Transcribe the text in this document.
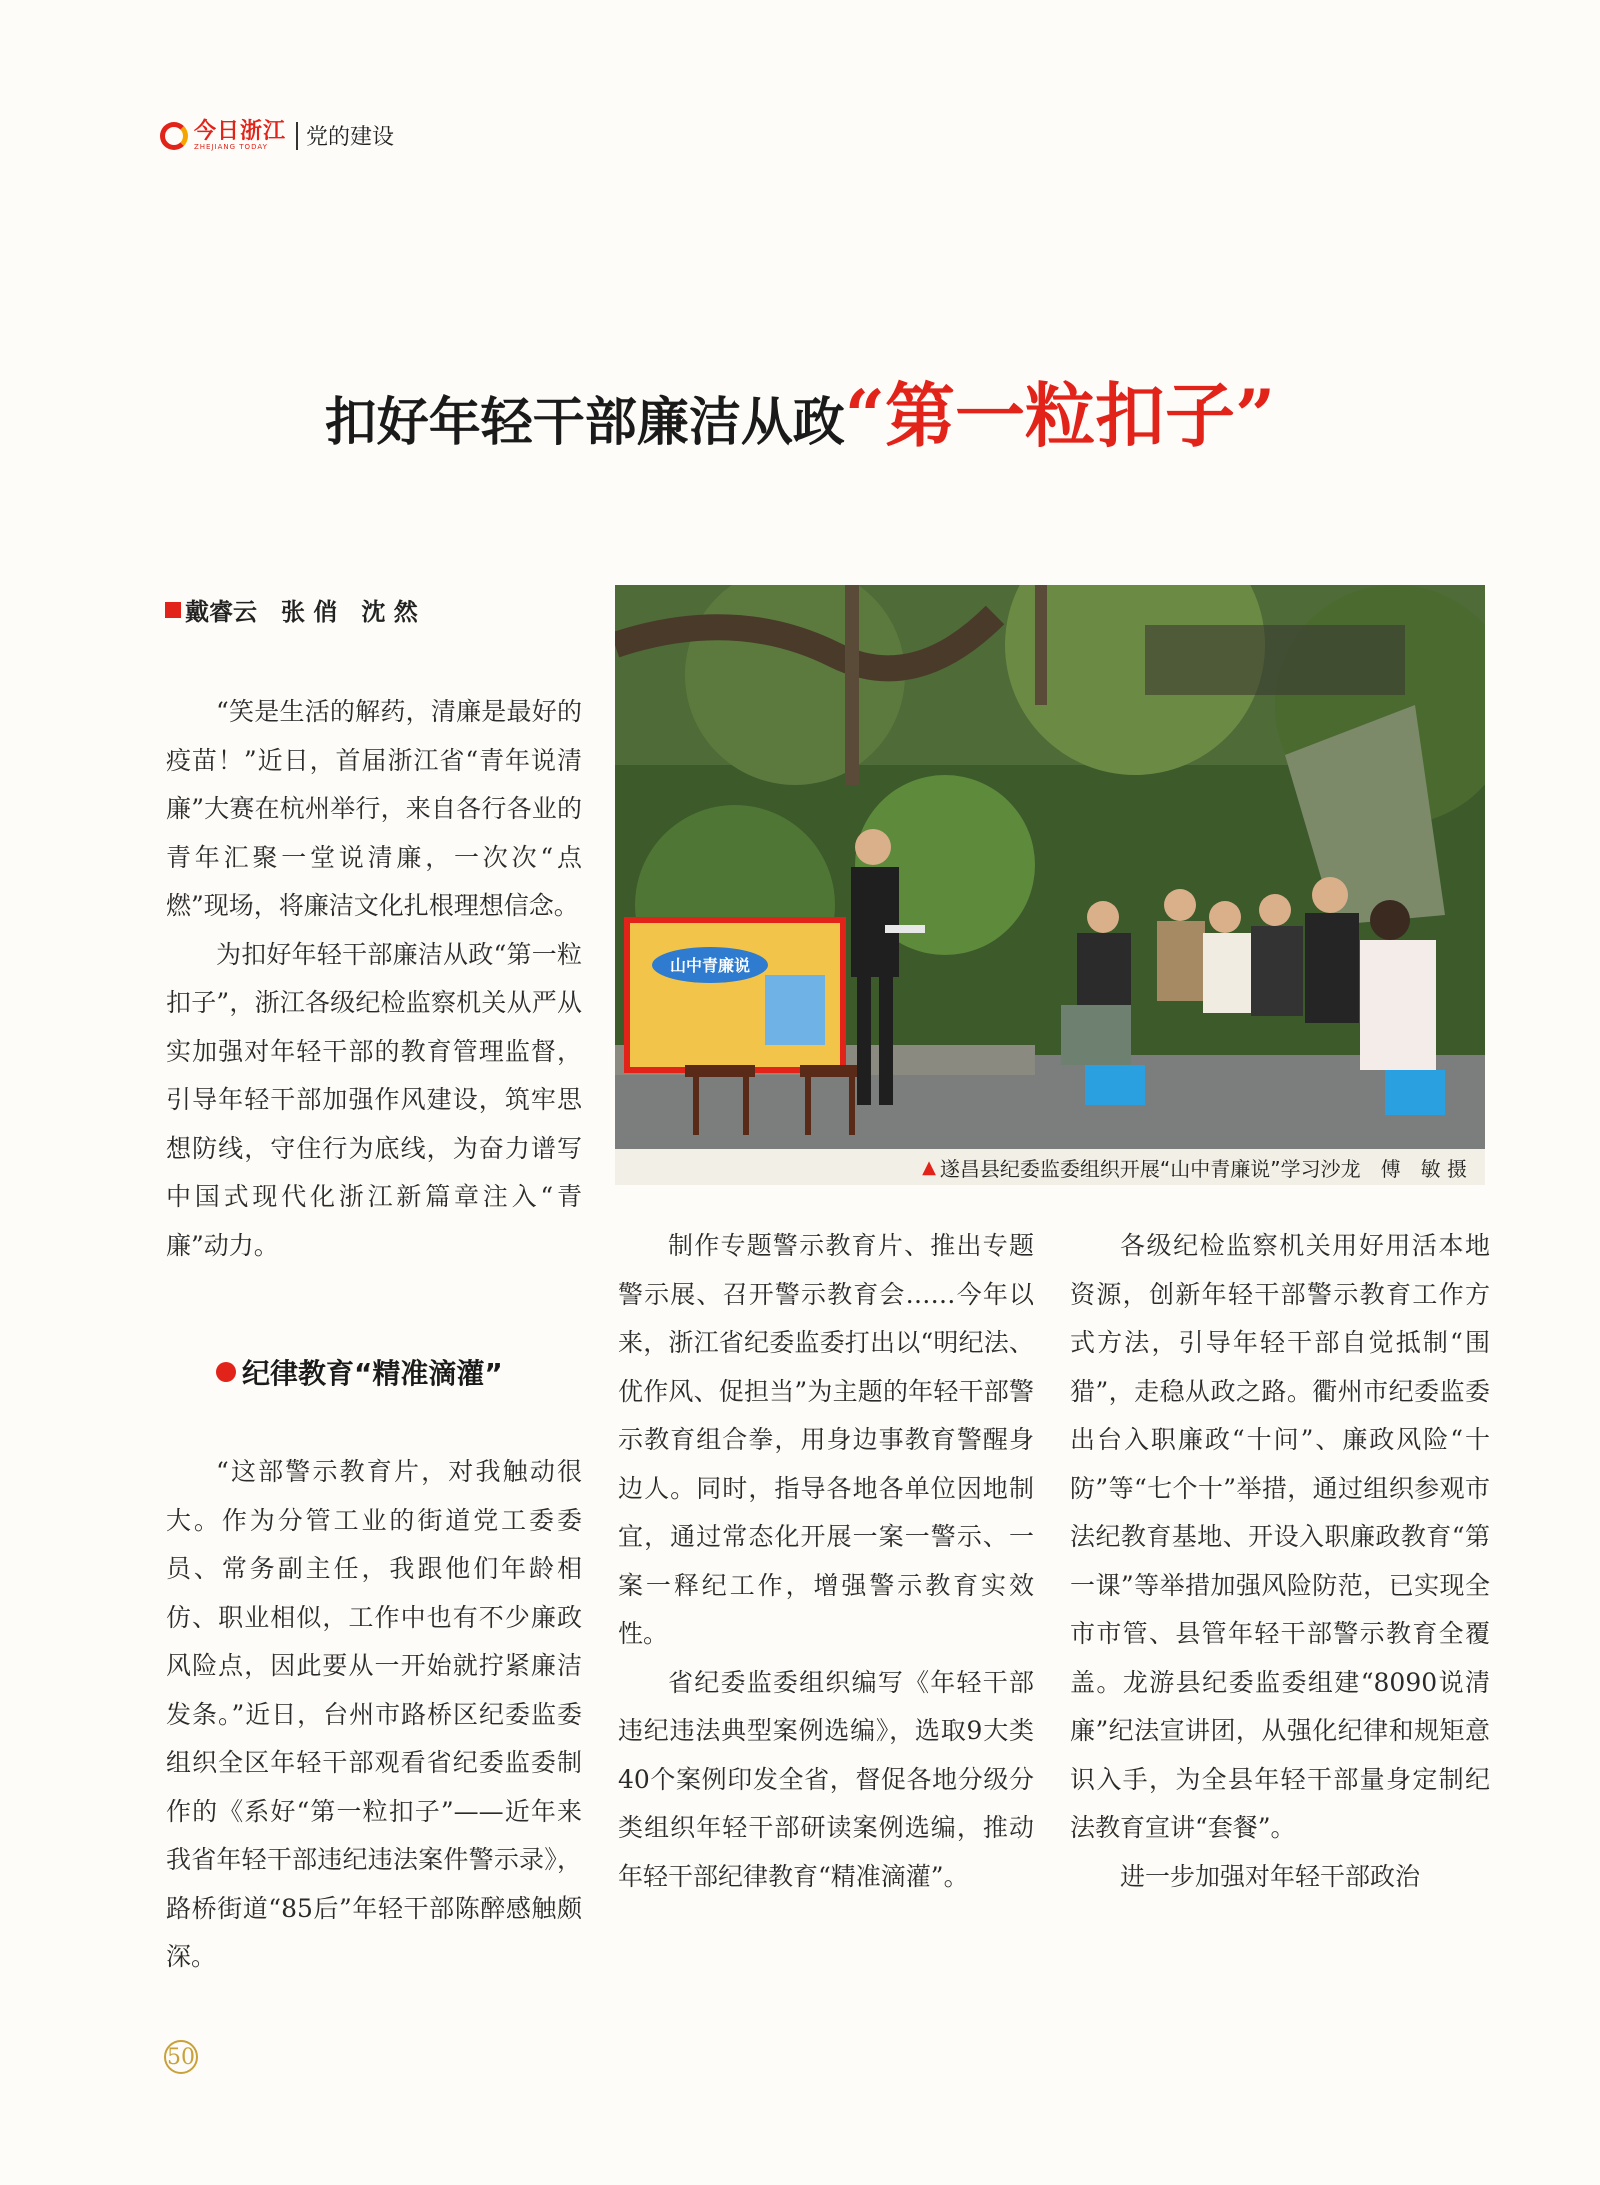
今日浙江
ZHEJIANG TODAY	党的建设
扣好年轻干部廉洁从政“第一粒扣子”
戴睿云　张 俏　沈 然

“笑是生活的解药，清廉是最好的疫苗！”近日，首届浙江省“青年说清廉”大赛在杭州举行，来自各行各业的青年汇聚一堂说清廉，一次次“点燃”现场，将廉洁文化扎根理想信念。

为扣好年轻干部廉洁从政“第一粒扣子”，浙江各级纪检监察机关从严从实加强对年轻干部的教育管理监督，引导年轻干部加强作风建设，筑牢思想防线，守住行为底线，为奋力谱写中国式现代化浙江新篇章注入“青廉”动力。

纪律教育“精准滴灌”

“这部警示教育片，对我触动很大。作为分管工业的街道党工委委员、常务副主任，我跟他们年龄相仿、职业相似，工作中也有不少廉政风险点，因此要从一开始就拧紧廉洁发条。”近日，台州市路桥区纪委监委组织全区年轻干部观看省纪委监委制作的《系好“第一粒扣子”——近年来我省年轻干部违纪违法案件警示录》，路桥街道“85后”年轻干部陈醉感触颇深。

山中青廉说
▲ 遂昌县纪委监委组织开展“山中青廉说”学习沙龙　傅　敏 摄

制作专题警示教育片、推出专题警示展、召开警示教育会……今年以来，浙江省纪委监委打出以“明纪法、优作风、促担当”为主题的年轻干部警示教育组合拳，用身边事教育警醒身边人。同时，指导各地各单位因地制宜，通过常态化开展一案一警示、一案一释纪工作，增强警示教育实效性。

省纪委监委组织编写《年轻干部违纪违法典型案例选编》，选取9大类40个案例印发全省，督促各地分级分类组织年轻干部研读案例选编，推动年轻干部纪律教育“精准滴灌”。

各级纪检监察机关用好用活本地资源，创新年轻干部警示教育工作方式方法，引导年轻干部自觉抵制“围猎”，走稳从政之路。衢州市纪委监委出台入职廉政“十问”、廉政风险“十防”等“七个十”举措，通过组织参观市法纪教育基地、开设入职廉政教育“第一课”等举措加强风险防范，已实现全市市管、县管年轻干部警示教育全覆盖。龙游县纪委监委组建“8090说清廉”纪法宣讲团，从强化纪律和规矩意识入手，为全县年轻干部量身定制纪法教育宣讲“套餐”。

进一步加强对年轻干部政治

50
